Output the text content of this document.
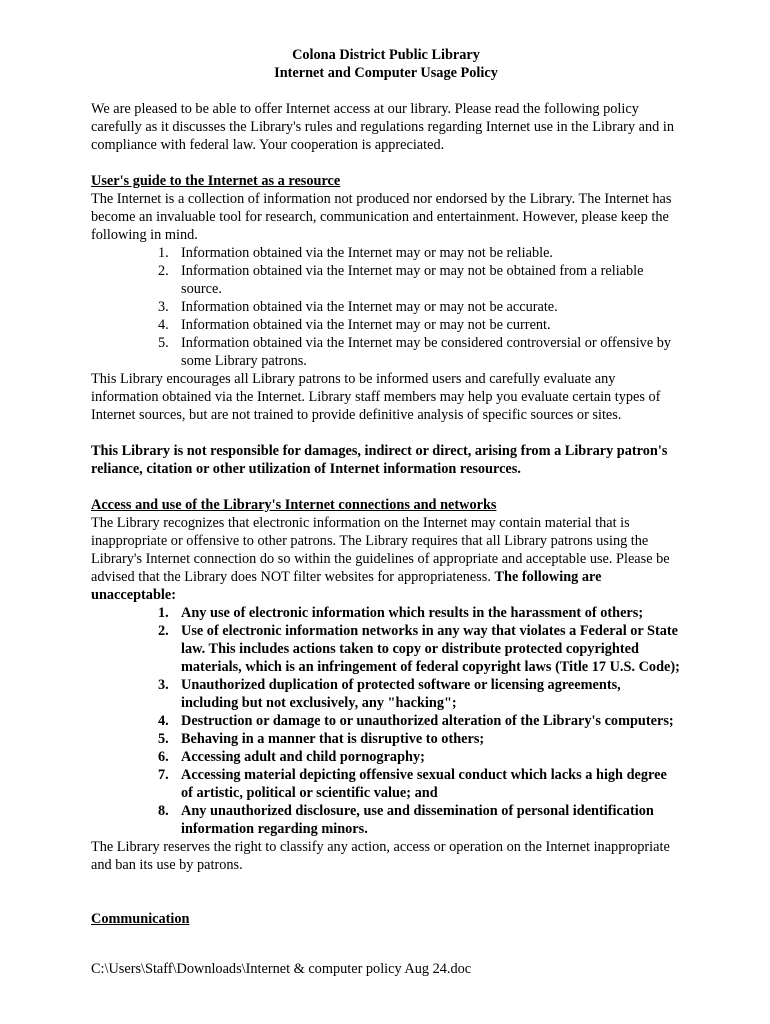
Colona District Public Library

Internet and Computer Usage Policy

We are pleased to be able to offer Internet access at our library. Please read the following policy carefully as it discusses the Library's rules and regulations regarding Internet use in the Library and in compliance with federal law. Your cooperation is appreciated.

User's guide to the Internet as a resource

The Internet is a collection of information not produced nor endorsed by the Library. The Internet has become an invaluable tool for research, communication and entertainment. However, please keep the following in mind.

1. Information obtained via the Internet may or may not be reliable.
2. Information obtained via the Internet may or may not be obtained from a reliable source.
3. Information obtained via the Internet may or may not be accurate.
4. Information obtained via the Internet may or may not be current.
5. Information obtained via the Internet may be considered controversial or offensive by some Library patrons.

This Library encourages all Library patrons to be informed users and carefully evaluate any information obtained via the Internet. Library staff members may help you evaluate certain types of Internet sources, but are not trained to provide definitive analysis of specific sources or sites.

This Library is not responsible for damages, indirect or direct, arising from a Library patron's reliance, citation or other utilization of Internet information resources.

Access and use of the Library's Internet connections and networks

The Library recognizes that electronic information on the Internet may contain material that is inappropriate or offensive to other patrons. The Library requires that all Library patrons using the Library's Internet connection do so within the guidelines of appropriate and acceptable use. Please be advised that the Library does NOT filter websites for appropriateness. The following are unacceptable:

1. Any use of electronic information which results in the harassment of others;
2. Use of electronic information networks in any way that violates a Federal or State law. This includes actions taken to copy or distribute protected copyrighted materials, which is an infringement of federal copyright laws (Title 17 U.S. Code);
3. Unauthorized duplication of protected software or licensing agreements, including but not exclusively, any "hacking";
4. Destruction or damage to or unauthorized alteration of the Library's computers;
5. Behaving in a manner that is disruptive to others;
6. Accessing adult and child pornography;
7. Accessing material depicting offensive sexual conduct which lacks a high degree of artistic, political or scientific value; and
8. Any unauthorized disclosure, use and dissemination of personal identification information regarding minors.

The Library reserves the right to classify any action, access or operation on the Internet inappropriate and ban its use by patrons.

Communication

C:\Users\Staff\Downloads\Internet & computer policy Aug 24.doc
